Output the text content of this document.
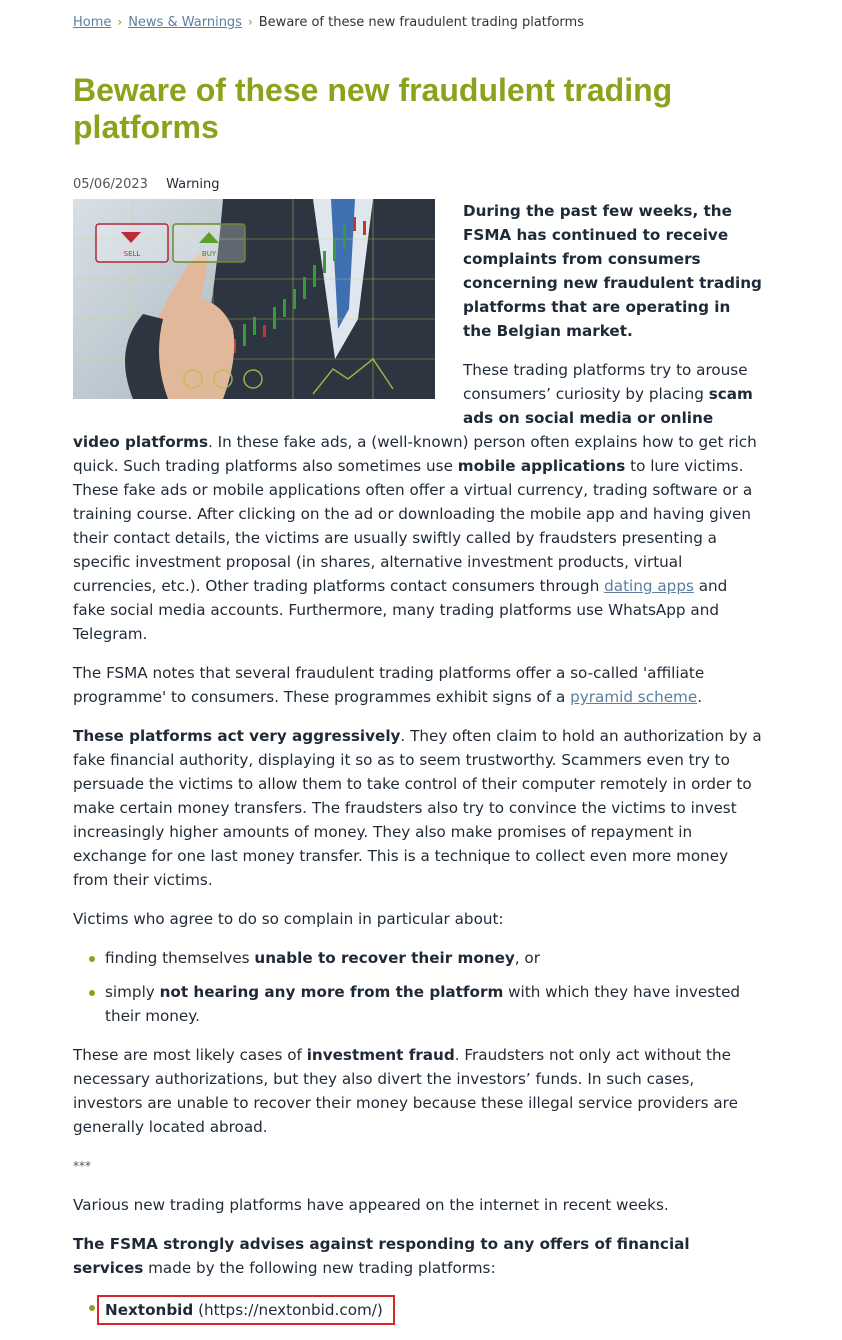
Home › News & Warnings › Beware of these new fraudulent trading platforms
Beware of these new fraudulent trading platforms
05/06/2023 Warning
SELL	BUY

During the past few weeks, the FSMA has continued to receive complaints from consumers concerning new fraudulent trading platforms that are operating in the Belgian market.

These trading platforms try to arouse consumers’ curiosity by placing scam ads on social media or online video platforms. In these fake ads, a (well-known) person often explains how to get rich quick. Such trading platforms also sometimes use mobile applications to lure victims. These fake ads or mobile applications often offer a virtual currency, trading software or a training course. After clicking on the ad or downloading the mobile app and having given their contact details, the victims are usually swiftly called by fraudsters presenting a specific investment proposal (in shares, alternative investment products, virtual currencies, etc.). Other trading platforms contact consumers through dating apps and fake social media accounts. Furthermore, many trading platforms use WhatsApp and Telegram.

The FSMA notes that several fraudulent trading platforms offer a so-called 'affiliate programme' to consumers. These programmes exhibit signs of a pyramid scheme.

These platforms act very aggressively. They often claim to hold an authorization by a fake financial authority, displaying it so as to seem trustworthy. Scammers even try to persuade the victims to allow them to take control of their computer remotely in order to make certain money transfers. The fraudsters also try to convince the victims to invest increasingly higher amounts of money. They also make promises of repayment in exchange for one last money transfer. This is a technique to collect even more money from their victims.

Victims who agree to do so complain in particular about:

finding themselves unable to recover their money, or
simply not hearing any more from the platform with which they have invested their money.

These are most likely cases of investment fraud. Fraudsters not only act without the necessary authorizations, but they also divert the investors’ funds. In such cases, investors are unable to recover their money because these illegal service providers are generally located abroad.

***

Various new trading platforms have appeared on the internet in recent weeks.

The FSMA strongly advises against responding to any offers of financial services made by the following new trading platforms:

Nextonbid (https://nextonbid.com/)
